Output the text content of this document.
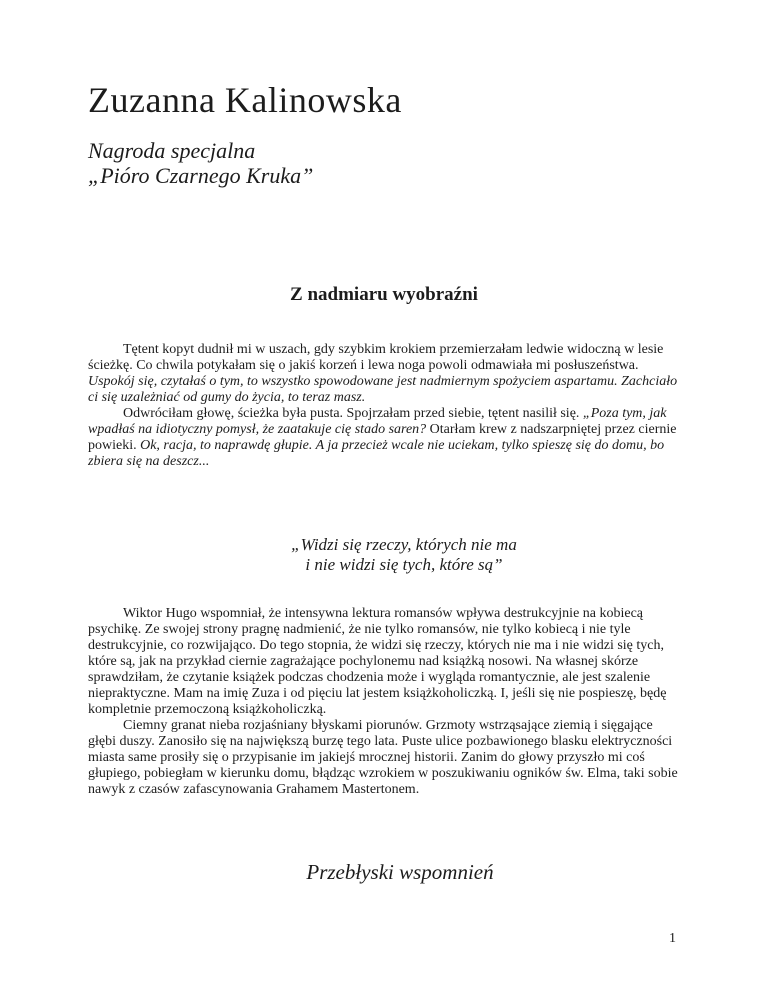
Zuzanna Kalinowska
Nagroda specjalna
„Pióro Czarnego Kruka”
Z nadmiaru wyobraźni

Tętent kopyt dudnił mi w uszach, gdy szybkim krokiem przemierzałam ledwie widoczną w lesie ścieżkę. Co chwila potykałam się o jakiś korzeń i lewa noga powoli odmawiała mi posłuszeństwa. Uspokój się, czytałaś o tym, to wszystko spowodowane jest nadmiernym spożyciem aspartamu. Zachciało ci się uzależniać od gumy do życia, to teraz masz.

Odwróciłam głowę, ścieżka była pusta. Spojrzałam przed siebie, tętent nasilił się. „Poza tym, jak wpadłaś na idiotyczny pomysł, że zaatakuje cię stado saren? Otarłam krew z nadszarpniętej przez ciernie powieki. Ok, racja, to naprawdę głupie. A ja przecież wcale nie uciekam, tylko spieszę się do domu, bo zbiera się na deszcz...

„Widzi się rzeczy, których nie ma
i nie widzi się tych, które są”

Wiktor Hugo wspomniał, że intensywna lektura romansów wpływa destrukcyjnie na kobiecą psychikę. Ze swojej strony pragnę nadmienić, że nie tylko romansów, nie tylko kobiecą i nie tyle destrukcyjnie, co rozwijająco. Do tego stopnia, że widzi się rzeczy, których nie ma i nie widzi się tych, które są, jak na przykład ciernie zagrażające pochylonemu nad książką nosowi. Na własnej skórze sprawdziłam, że czytanie książek podczas chodzenia może i wygląda romantycznie, ale jest szalenie niepraktyczne. Mam na imię Zuza i od pięciu lat jestem książkoholiczką. I, jeśli się nie pospieszę, będę kompletnie przemoczoną książkoholiczką.

Ciemny granat nieba rozjaśniany błyskami piorunów. Grzmoty wstrząsające ziemią i sięgające głębi duszy. Zanosiło się na największą burzę tego lata. Puste ulice pozbawionego blasku elektryczności miasta same prosiły się o przypisanie im jakiejś mrocznej historii. Zanim do głowy przyszło mi coś głupiego, pobiegłam w kierunku domu, błądząc wzrokiem w poszukiwaniu ogników św. Elma, taki sobie nawyk z czasów zafascynowania Grahamem Mastertonem.

Przebłyski wspomnień
1
